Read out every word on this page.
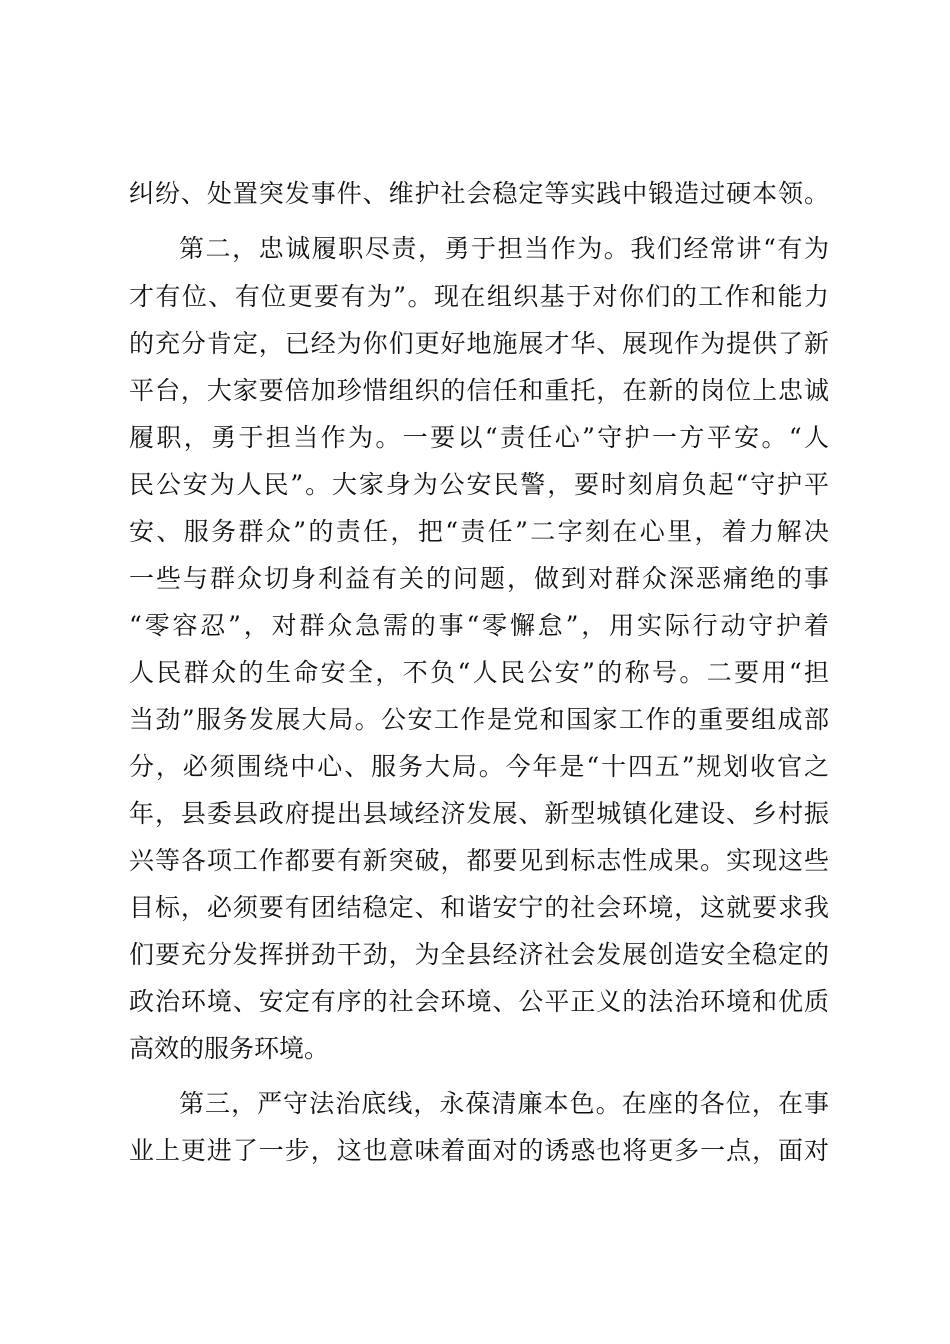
纠纷、处置突发事件、维护社会稳定等实践中锻造过硬本领。
第二，忠诚履职尽责，勇于担当作为。我们经常讲“有为
才有位、有位更要有为”。现在组织基于对你们的工作和能力
的充分肯定，已经为你们更好地施展才华、展现作为提供了新
平台，大家要倍加珍惜组织的信任和重托，在新的岗位上忠诚
履职，勇于担当作为。一要以“责任心”守护一方平安。“人
民公安为人民”。大家身为公安民警，要时刻肩负起“守护平
安、服务群众”的责任，把“责任”二字刻在心里，着力解决
一些与群众切身利益有关的问题，做到对群众深恶痛绝的事
“零容忍”，对群众急需的事“零懈怠”，用实际行动守护着
人民群众的生命安全，不负“人民公安”的称号。二要用“担
当劲”服务发展大局。公安工作是党和国家工作的重要组成部
分，必须围绕中心、服务大局。今年是“十四五”规划收官之
年，县委县政府提出县域经济发展、新型城镇化建设、乡村振
兴等各项工作都要有新突破，都要见到标志性成果。实现这些
目标，必须要有团结稳定、和谐安宁的社会环境，这就要求我
们要充分发挥拼劲干劲，为全县经济社会发展创造安全稳定的
政治环境、安定有序的社会环境、公平正义的法治环境和优质
高效的服务环境。
第三，严守法治底线，永葆清廉本色。在座的各位，在事
业上更进了一步，这也意味着面对的诱惑也将更多一点，面对
